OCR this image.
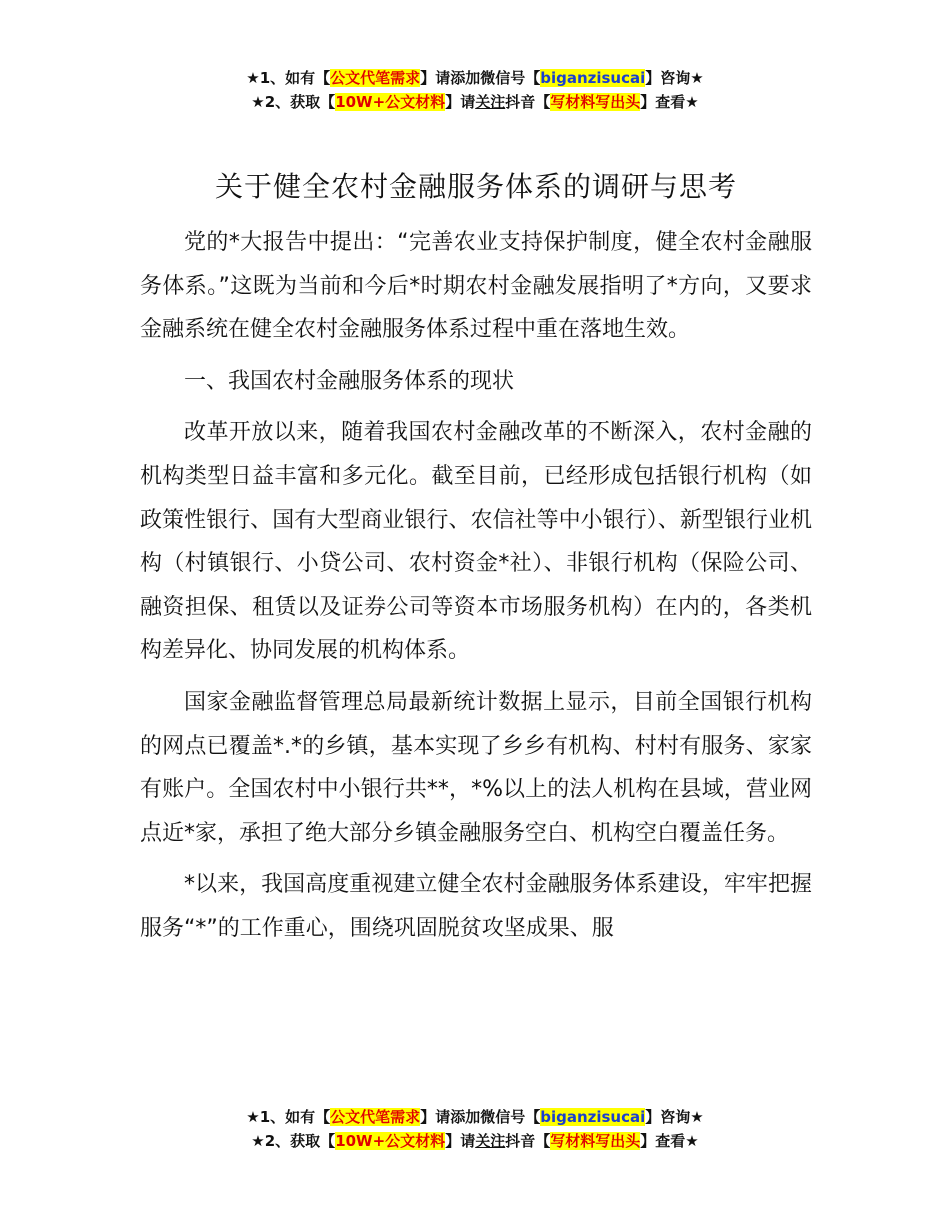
★1、如有【公文代笔需求】请添加微信号【biganzisucai】咨询★
★2、获取【10W+公文材料】请关注抖音【写材料写出头】查看★
关于健全农村金融服务体系的调研与思考

党的*大报告中提出：“完善农业支持保护制度，健全农村金融服务体系。”这既为当前和今后*时期农村金融发展指明了*方向，又要求金融系统在健全农村金融服务体系过程中重在落地生效。

一、我国农村金融服务体系的现状

改革开放以来，随着我国农村金融改革的不断深入，农村金融的机构类型日益丰富和多元化。截至目前，已经形成包括银行机构（如政策性银行、国有大型商业银行、农信社等中小银行）、新型银行业机构（村镇银行、小贷公司、农村资金*社）、非银行机构（保险公司、融资担保、租赁以及证券公司等资本市场服务机构）在内的，各类机构差异化、协同发展的机构体系。

国家金融监督管理总局最新统计数据上显示，目前全国银行机构的网点已覆盖*.*的乡镇，基本实现了乡乡有机构、村村有服务、家家有账户。全国农村中小银行共**，*%以上的法人机构在县域，营业网点近*家，承担了绝大部分乡镇金融服务空白、机构空白覆盖任务。

*以来，我国高度重视建立健全农村金融服务体系建设，牢牢把握服务“*”的工作重心，围绕巩固脱贫攻坚成果、服

★1、如有【公文代笔需求】请添加微信号【biganzisucai】咨询★
★2、获取【10W+公文材料】请关注抖音【写材料写出头】查看★
